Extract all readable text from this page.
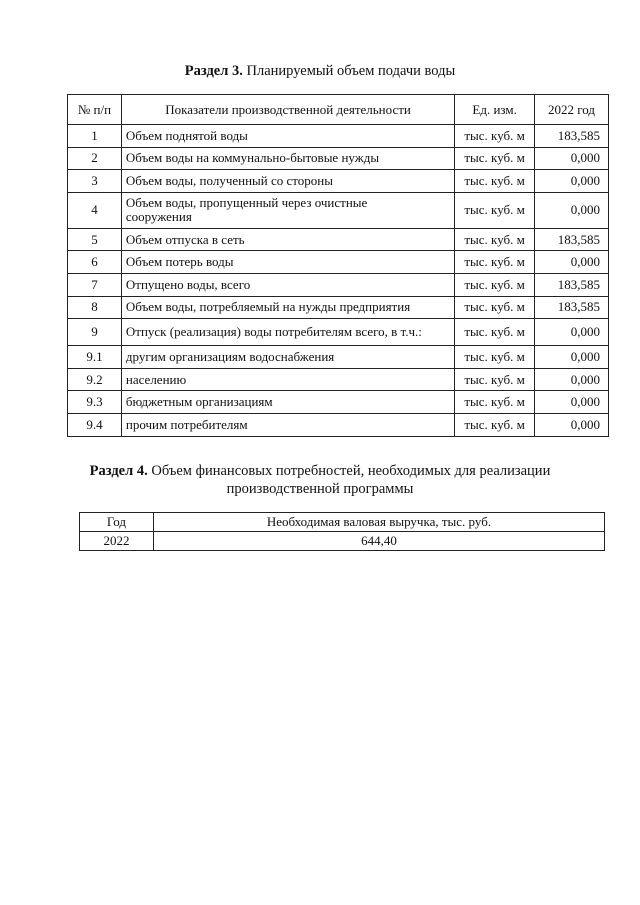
Раздел 3. Планируемый объем подачи воды
№ п/п	Показатели производственной деятельности	Ед. изм.	2022 год
1	Объем поднятой воды	тыс. куб. м	183,585
2	Объем воды на коммунально-бытовые нужды	тыс. куб. м	0,000
3	Объем воды, полученный со стороны	тыс. куб. м	0,000
4	Объем воды, пропущенный через очистные сооружения	тыс. куб. м	0,000
5	Объем отпуска в сеть	тыс. куб. м	183,585
6	Объем потерь воды	тыс. куб. м	0,000
7	Отпущено воды, всего	тыс. куб. м	183,585
8	Объем воды, потребляемый на нужды предприятия	тыс. куб. м	183,585
9	Отпуск (реализация) воды потребителям всего, в т.ч.:	тыс. куб. м	0,000
9.1	другим организациям водоснабжения	тыс. куб. м	0,000
9.2	населению	тыс. куб. м	0,000
9.3	бюджетным организациям	тыс. куб. м	0,000
9.4	прочим потребителям	тыс. куб. м	0,000
Раздел 4. Объем финансовых потребностей, необходимых для реализации
производственной программы
Год	Необходимая валовая выручка, тыс. руб.
2022	644,40
